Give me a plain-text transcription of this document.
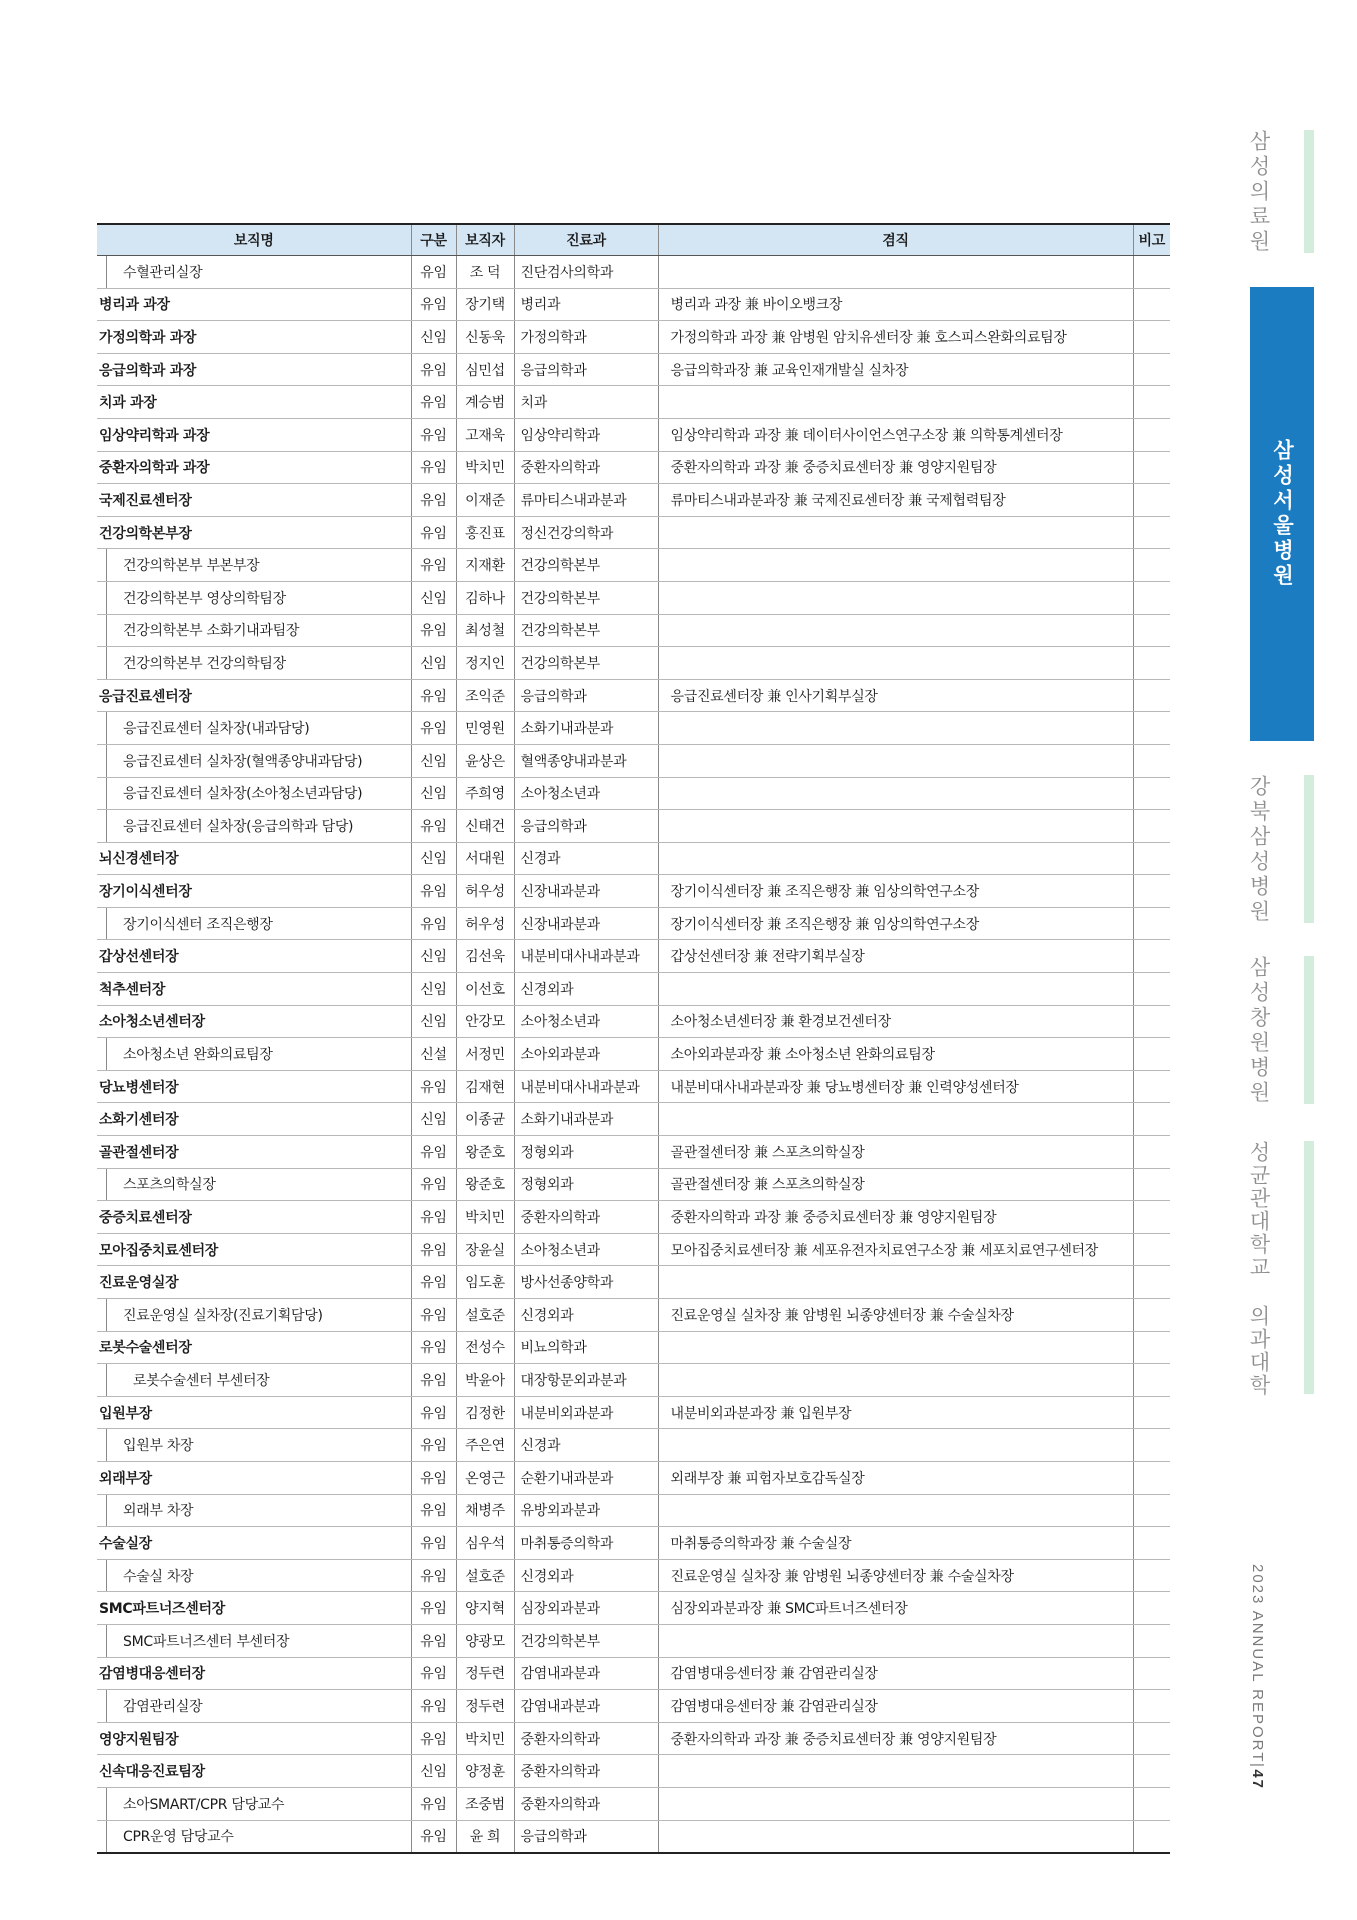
보직명	구분	보직자	진료과	겸직	비고
수혈관리실장	유임	조 덕	진단검사의학과		
병리과 과장	유임	장기택	병리과	병리과 과장 兼 바이오뱅크장	
가정의학과 과장	신임	신동욱	가정의학과	가정의학과 과장 兼 암병원 암치유센터장 兼 호스피스완화의료팀장	
응급의학과 과장	유임	심민섭	응급의학과	응급의학과장 兼 교육인재개발실 실차장	
치과 과장	유임	계승범	치과		
임상약리학과 과장	유임	고재욱	임상약리학과	임상약리학과 과장 兼 데이터사이언스연구소장 兼 의학통계센터장	
중환자의학과 과장	유임	박치민	중환자의학과	중환자의학과 과장 兼 중증치료센터장 兼 영양지원팀장	
국제진료센터장	유임	이재준	류마티스내과분과	류마티스내과분과장 兼 국제진료센터장 兼 국제협력팀장	
건강의학본부장	유임	홍진표	정신건강의학과		
건강의학본부 부본부장	유임	지재환	건강의학본부		
건강의학본부 영상의학팀장	신임	김하나	건강의학본부		
건강의학본부 소화기내과팀장	유임	최성철	건강의학본부		
건강의학본부 건강의학팀장	신임	정지인	건강의학본부		
응급진료센터장	유임	조익준	응급의학과	응급진료센터장 兼 인사기획부실장	
응급진료센터 실차장(내과담당)	유임	민영원	소화기내과분과		
응급진료센터 실차장(혈액종양내과담당)	신임	윤상은	혈액종양내과분과		
응급진료센터 실차장(소아청소년과담당)	신임	주희영	소아청소년과		
응급진료센터 실차장(응급의학과 담당)	유임	신태건	응급의학과		
뇌신경센터장	신임	서대원	신경과		
장기이식센터장	유임	허우성	신장내과분과	장기이식센터장 兼 조직은행장 兼 임상의학연구소장	
장기이식센터 조직은행장	유임	허우성	신장내과분과	장기이식센터장 兼 조직은행장 兼 임상의학연구소장	
갑상선센터장	신임	김선욱	내분비대사내과분과	갑상선센터장 兼 전략기획부실장	
척추센터장	신임	이선호	신경외과		
소아청소년센터장	신임	안강모	소아청소년과	소아청소년센터장 兼 환경보건센터장	
소아청소년 완화의료팀장	신설	서정민	소아외과분과	소아외과분과장 兼 소아청소년 완화의료팀장	
당뇨병센터장	유임	김재현	내분비대사내과분과	내분비대사내과분과장 兼 당뇨병센터장 兼 인력양성센터장	
소화기센터장	신임	이종균	소화기내과분과		
골관절센터장	유임	왕준호	정형외과	골관절센터장 兼 스포츠의학실장	
스포츠의학실장	유임	왕준호	정형외과	골관절센터장 兼 스포츠의학실장	
중증치료센터장	유임	박치민	중환자의학과	중환자의학과 과장 兼 중증치료센터장 兼 영양지원팀장	
모아집중치료센터장	유임	장윤실	소아청소년과	모아집중치료센터장 兼 세포유전자치료연구소장 兼 세포치료연구센터장	
진료운영실장	유임	임도훈	방사선종양학과		
진료운영실 실차장(진료기획담당)	유임	설호준	신경외과	진료운영실 실차장 兼 암병원 뇌종양센터장 兼 수술실차장	
로봇수술센터장	유임	전성수	비뇨의학과		
로봇수술센터 부센터장	유임	박윤아	대장항문외과분과		
입원부장	유임	김정한	내분비외과분과	내분비외과분과장 兼 입원부장	
입원부 차장	유임	주은연	신경과		
외래부장	유임	온영근	순환기내과분과	외래부장 兼 피험자보호감독실장	
외래부 차장	유임	채병주	유방외과분과		
수술실장	유임	심우석	마취통증의학과	마취통증의학과장 兼 수술실장	
수술실 차장	유임	설호준	신경외과	진료운영실 실차장 兼 암병원 뇌종양센터장 兼 수술실차장	
SMC파트너즈센터장	유임	양지혁	심장외과분과	심장외과분과장 兼 SMC파트너즈센터장	
SMC파트너즈센터 부센터장	유임	양광모	건강의학본부		
감염병대응센터장	유임	정두련	감염내과분과	감염병대응센터장 兼 감염관리실장	
감염관리실장	유임	정두련	감염내과분과	감염병대응센터장 兼 감염관리실장	
영양지원팀장	유임	박치민	중환자의학과	중환자의학과 과장 兼 중증치료센터장 兼 영양지원팀장	
신속대응진료팀장	신임	양정훈	중환자의학과		
소아SMART/CPR 담당교수	유임	조중범	중환자의학과		
CPR운영 담당교수	유임	윤 희	응급의학과		
삼성의료원
삼성서울병원
강북삼성병원
삼성창원병원
성균관대학교 의과대학
2023 ANNUAL REPORT|47
